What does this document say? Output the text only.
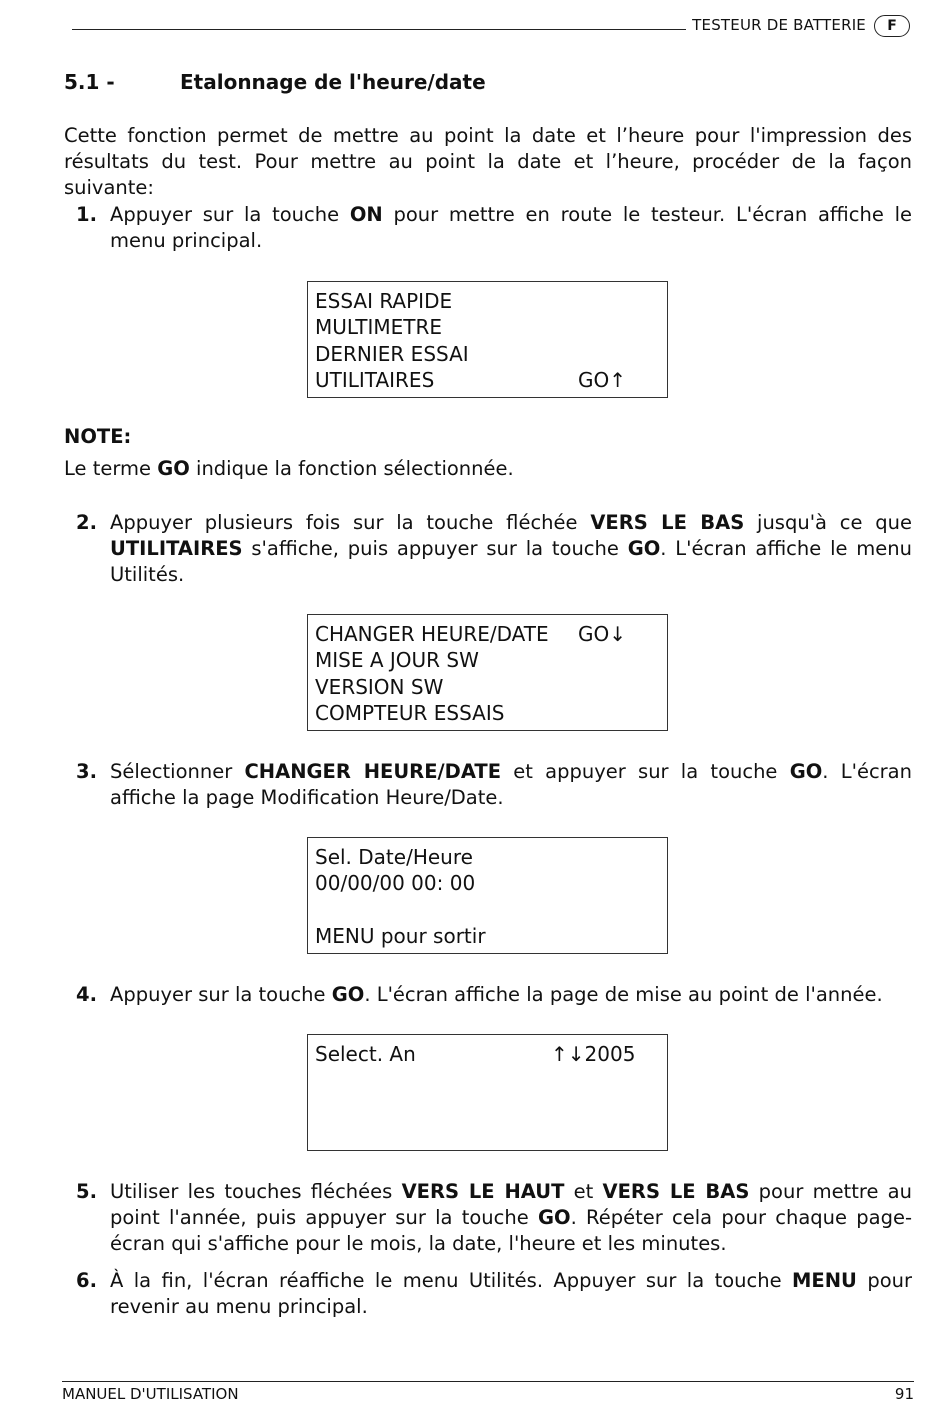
TESTEUR DE BATTERIE	F
5.1 -	Etalonnage de l'heure/date
Cette fonction permet de mettre au point la date et l’heure pour l'impression des résultats du test. Pour mettre au point la date et l’heure, procéder de la façon suivante:
1. Appuyer sur la touche ON pour mettre en route le testeur. L'écran affiche le menu principal.
ESSAI RAPIDE
MULTIMETRE
DERNIER ESSAI
UTILITAIRES	GO↑
NOTE:
Le terme GO indique la fonction sélectionnée.
2. Appuyer plusieurs fois sur la touche fléchée VERS LE BAS jusqu'à ce que UTILITAIRES s'affiche, puis appuyer sur la touche GO. L'écran affiche le menu Utilités.
CHANGER HEURE/DATE GO↓
MISE A JOUR SW
VERSION SW
COMPTEUR ESSAIS
3. Sélectionner CHANGER HEURE/DATE et appuyer sur la touche GO. L'écran affiche la page Modification Heure/Date.
Sel. Date/Heure
00/00/00 00: 00
MENU pour sortir
4. Appuyer sur la touche GO. L'écran affiche la page de mise au point de l'année.
Select. An	↑↓2005
5. Utiliser les touches fléchées VERS LE HAUT et VERS LE BAS pour mettre au point l'année, puis appuyer sur la touche GO. Répéter cela pour chaque page-écran qui s'affiche pour le mois, la date, l'heure et les minutes.
6. À la fin, l'écran réaffiche le menu Utilités. Appuyer sur la touche MENU pour revenir au menu principal.
MANUEL D'UTILISATION	91
